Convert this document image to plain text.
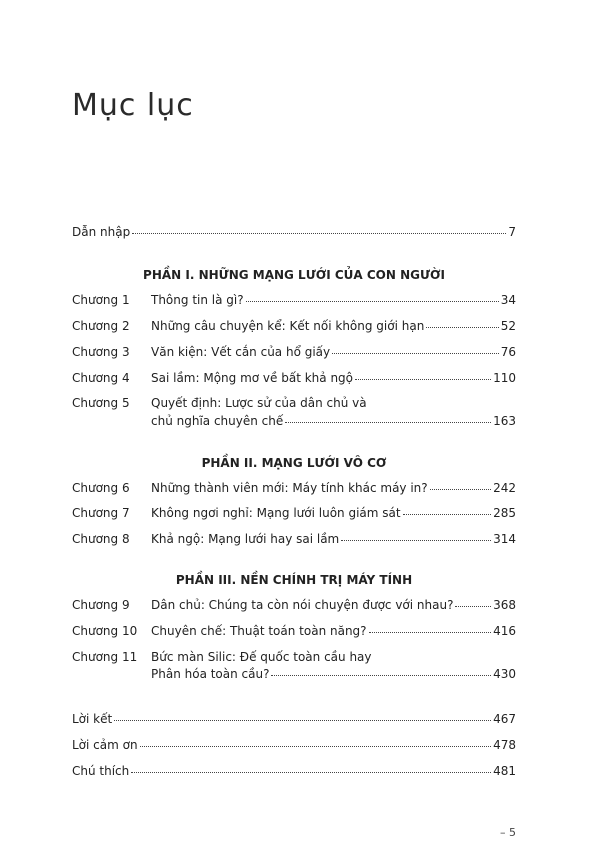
Mục lục
Dẫn nhập	7
PHẦN I. NHỮNG MẠNG LƯỚI CỦA CON NGƯỜI
Chương 1	Thông tin là gì?	34
Chương 2	Những câu chuyện kể: Kết nối không giới hạn	52
Chương 3	Văn kiện: Vết cắn của hổ giấy	76
Chương 4	Sai lầm: Mộng mơ về bất khả ngộ	110
Chương 5	Quyết định: Lược sử của dân chủ và
chủ nghĩa chuyên chế	163
PHẦN II. MẠNG LƯỚI VÔ CƠ
Chương 6	Những thành viên mới: Máy tính khác máy in?	242
Chương 7	Không ngơi nghỉ: Mạng lưới luôn giám sát	285
Chương 8	Khả ngộ: Mạng lưới hay sai lầm	314
PHẦN III. NỀN CHÍNH TRỊ MÁY TÍNH
Chương 9	Dân chủ: Chúng ta còn nói chuyện được với nhau?	368
Chương 10	Chuyên chế: Thuật toán toàn năng?	416
Chương 11	Bức màn Silic: Đế quốc toàn cầu hay
Phân hóa toàn cầu?	430
Lời kết	467
Lời cảm ơn	478
Chú thích	481
– 5
